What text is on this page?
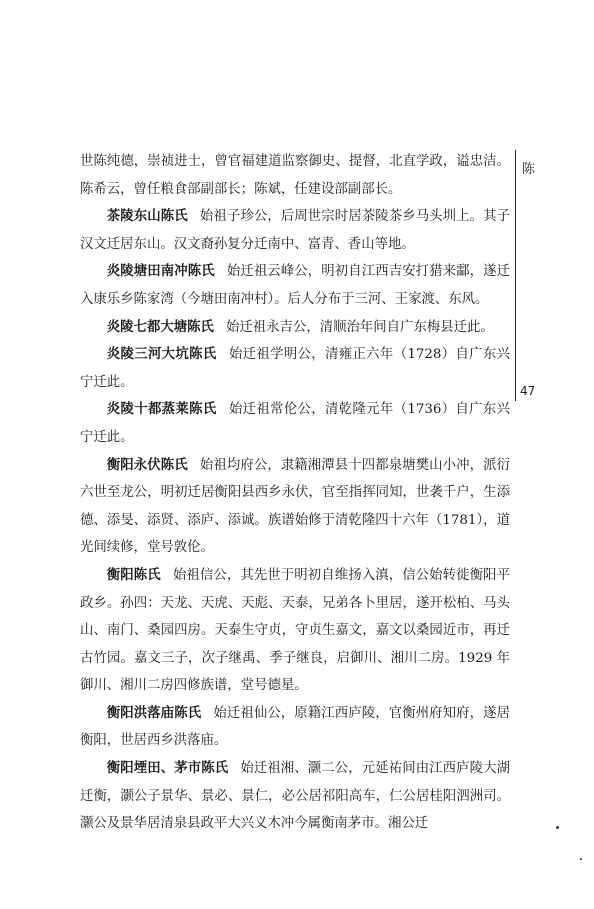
陈
47

世陈纯德，崇祯进士，曾官福建道监察御史、提督，北直学政，谥忠洁。陈希云，曾任粮食部副部长；陈斌，任建设部副部长。

茶陵东山陈氏 始祖子珍公，后周世宗时居茶陵茶乡马头圳上。其子汉文迁居东山。汉文裔孙复分迁南中、富青、香山等地。

炎陵塘田南冲陈氏 始迁祖云峰公，明初自江西吉安打猎来酃，遂迁入康乐乡陈家湾（今塘田南冲村）。后人分布于三河、王家渡、东风。

炎陵七都大塘陈氏 始迁祖永吉公，清顺治年间自广东梅县迁此。

炎陵三河大坑陈氏 始迁祖学明公，清雍正六年（1728）自广东兴宁迁此。

炎陵十都蒸莱陈氏 始迁祖常伦公，清乾隆元年（1736）自广东兴宁迁此。

衡阳永伏陈氏 始祖均府公，隶籍湘潭县十四都泉塘樊山小冲，派衍六世至龙公，明初迁居衡阳县西乡永伏，官至指挥同知，世袭千户，生添德、添旻、添贤、添庐、添诚。族谱始修于清乾隆四十六年（1781），道光间续修，堂号敦伦。

衡阳陈氏 始祖信公，其先世于明初自维扬入滇，信公始转徙衡阳平政乡。孙四：天龙、天虎、天彪、天泰，兄弟各卜里居，遂开松柏、马头山、南门、桑园四房。天泰生守贞，守贞生嘉文，嘉文以桑园近市，再迁古竹园。嘉文三子，次子继禹、季子继良，启御川、湘川二房。1929 年御川、湘川二房四修族谱，堂号德星。

衡阳洪落庙陈氏 始迁祖仙公，原籍江西庐陵，官衡州府知府，遂居衡阳，世居西乡洪落庙。

衡阳堙田、茅市陈氏 始迁祖湘、灏二公，元延祐间由江西庐陵大湖迁衡，灏公子景华、景必、景仁，必公居祁阳高车，仁公居桂阳泗洲司。灏公及景华居清泉县政平大兴义木冲今属衡南茅市。湘公迁
